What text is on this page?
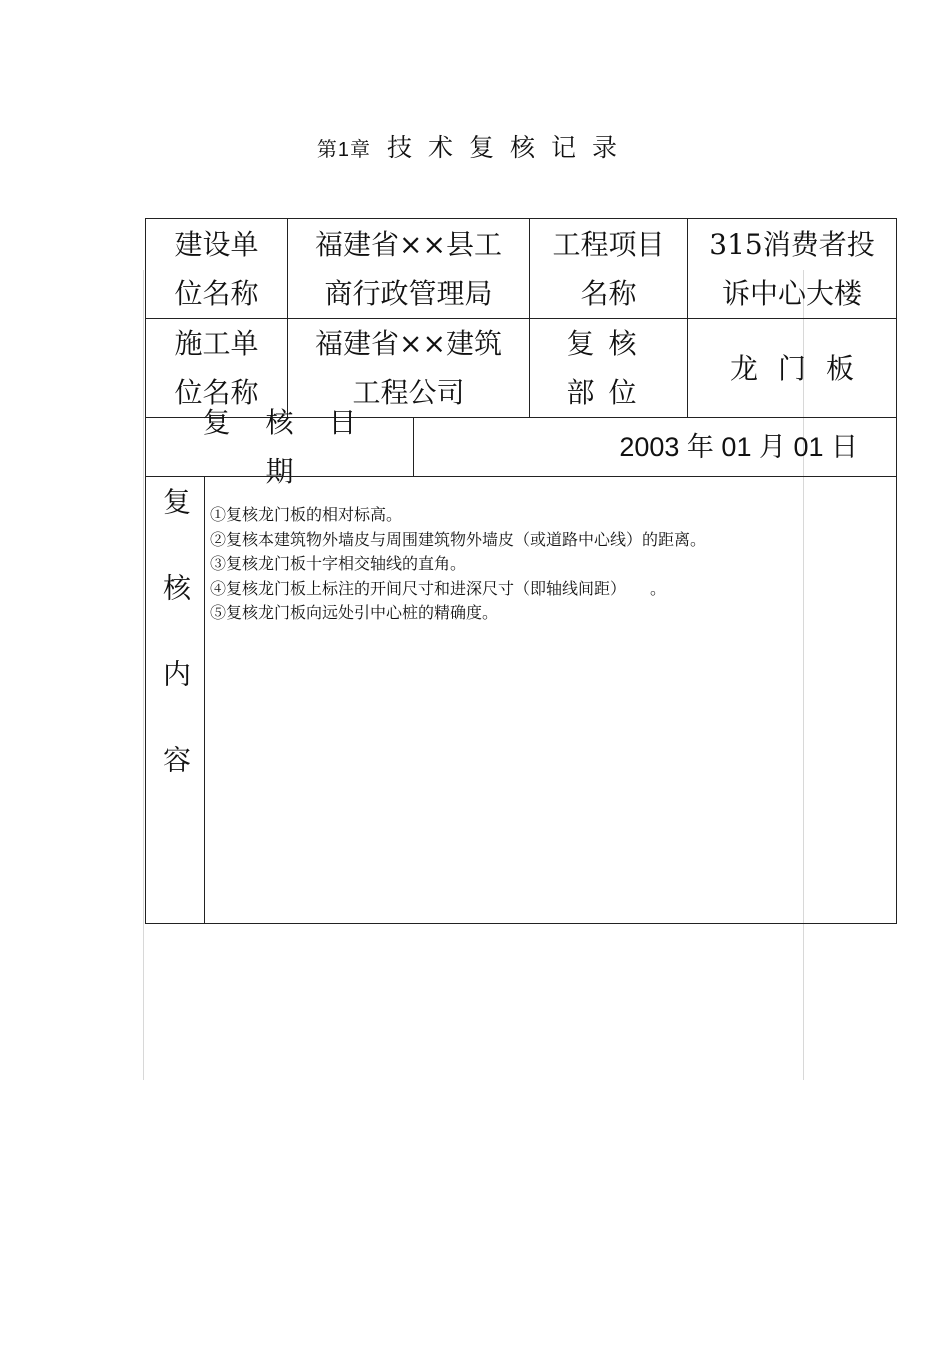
第1章 技术复核记录
建设单位名称
福建省××县工商行政管理局
工程项目名称
315消费者投诉中心大楼
施工单位名称
福建省××建筑工程公司
复核部位
龙门板
复核日期
2003 年 01 月 01 日
复核内容 ①复核龙门板的相对标高。
②复核本建筑物外墙皮与周围建筑物外墙皮（或道路中心线）的距离。
③复核龙门板十字相交轴线的直角。
④复核龙门板上标注的开间尺寸和进深尺寸（即轴线间距）　　。
⑤复核龙门板向远处引中心桩的精确度。
